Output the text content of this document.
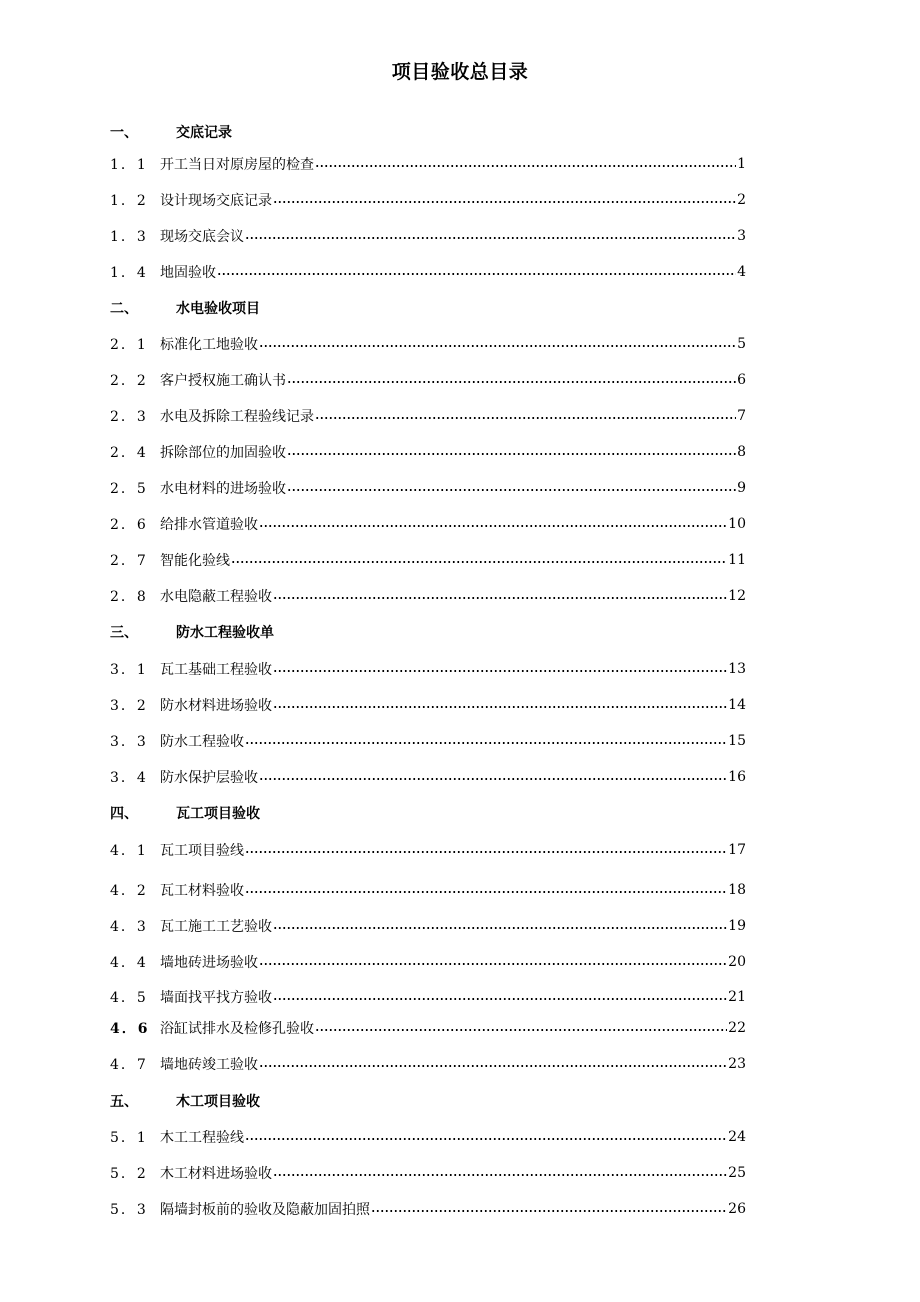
项目验收总目录
一、	交底记录
1．1 开工当日对原房屋的检查	1
1．2 设计现场交底记录	2
1．3 现场交底会议	3
1．4 地固验收	4
二、	水电验收项目
2．1 标准化工地验收	5
2．2 客户授权施工确认书	6
2．3 水电及拆除工程验线记录	7
2．4 拆除部位的加固验收	8
2．5 水电材料的进场验收	9
2．6 给排水管道验收	10
2．7 智能化验线	11
2．8 水电隐蔽工程验收	12
三、	防水工程验收单
3．1 瓦工基础工程验收	13
3．2 防水材料进场验收	14
3．3 防水工程验收	15
3．4 防水保护层验收	16
四、	瓦工项目验收
4．1 瓦工项目验线	17
4．2 瓦工材料验收	18
4．3 瓦工施工工艺验收	19
4．4 墙地砖进场验收	20
4．5 墙面找平找方验收	21
4．6 浴缸试排水及检修孔验收	22
4．7 墙地砖竣工验收	23
五、	木工项目验收
5．1 木工工程验线	24
5．2 木工材料进场验收	25
5．3 隔墙封板前的验收及隐蔽加固拍照	26
